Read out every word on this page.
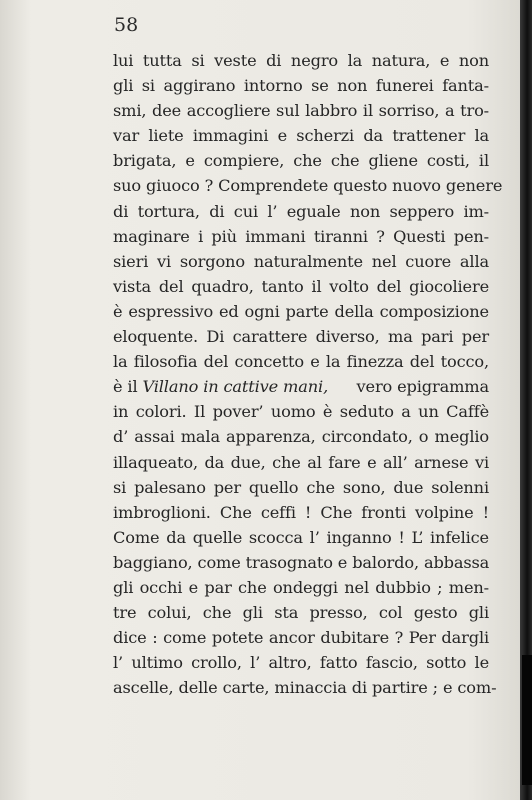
58
lui tutta si veste di negro la natura, e non
gli si aggirano intorno se non funerei fanta-
smi, dee accogliere sul labbro il sorriso, a tro-
var liete immagini e scherzi da trattener la
brigata, e compiere, che che gliene costi, il
suo giuoco ? Comprendete questo nuovo genere
di tortura, di cui l’ eguale non seppero im-
maginare i più immani tiranni ? Questi pen-
sieri vi sorgono naturalmente nel cuore alla
vista del quadro, tanto il volto del giocoliere
è espressivo ed ogni parte della composizione
eloquente. Di carattere diverso, ma pari per
la filosofia del concetto e la finezza del tocco,
è il Villano in cattive mani, vero epigramma
in colori. Il pover’ uomo è seduto a un Caffè
d’ assai mala apparenza, circondato, o meglio
illaqueato, da due, che al fare e all’ arnese vi
si palesano per quello che sono, due solenni
imbroglioni. Che ceffi ! Che fronti volpine !
Come da quelle scocca l’ inganno ! L’ infelice
baggiano, come trasognato e balordo, abbassa
gli occhi e par che ondeggi nel dubbio ; men-
tre colui, che gli sta presso, col gesto gli
dice : come potete ancor dubitare ? Per dargli
l’ ultimo crollo, l’ altro, fatto fascio, sotto le
ascelle, delle carte, minaccia di partire ; e com-
